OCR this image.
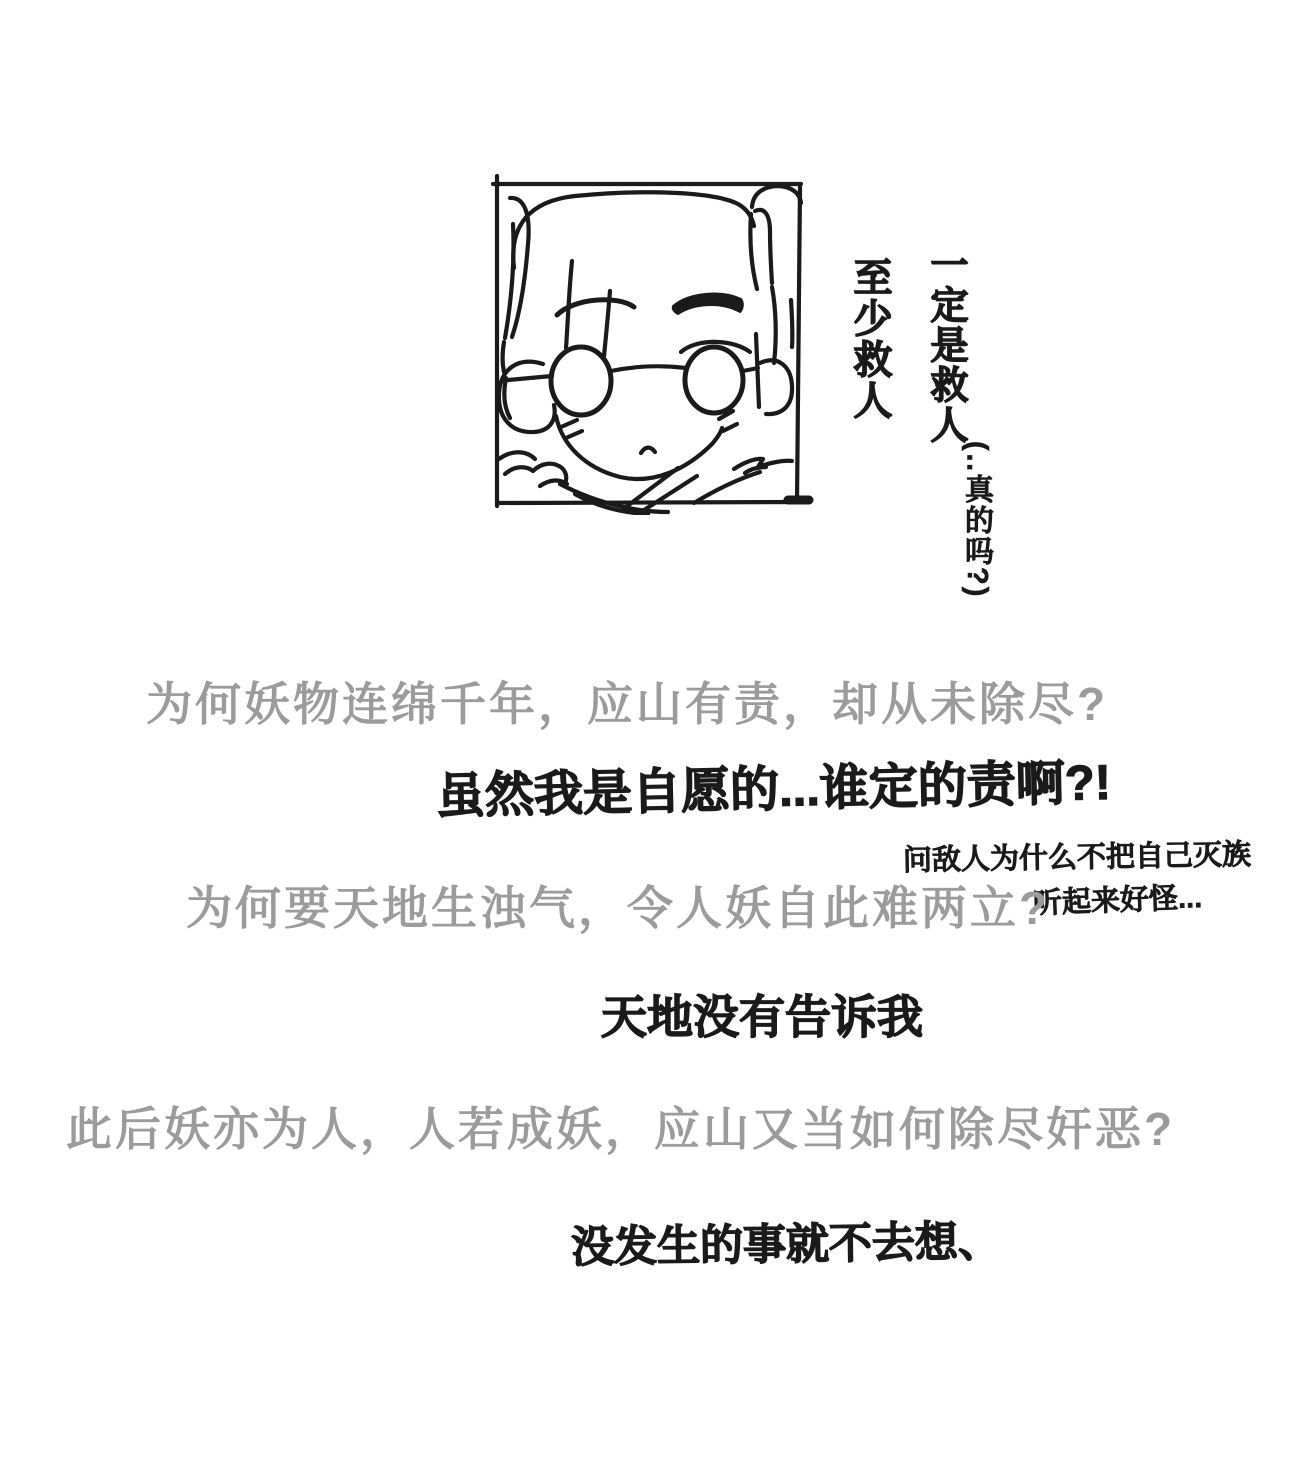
一定是救人
至少救人
(‥真的吗?)
为何妖物连绵千年，应山有责，却从未除尽?
虽然我是自愿的...谁定的责啊?!
问敌人为什么不把自己灭族
听起来好怪...
为何要天地生浊气，令人妖自此难两立?
天地没有告诉我
此后妖亦为人，人若成妖，应山又当如何除尽奸恶?
没发生的事就不去想、
